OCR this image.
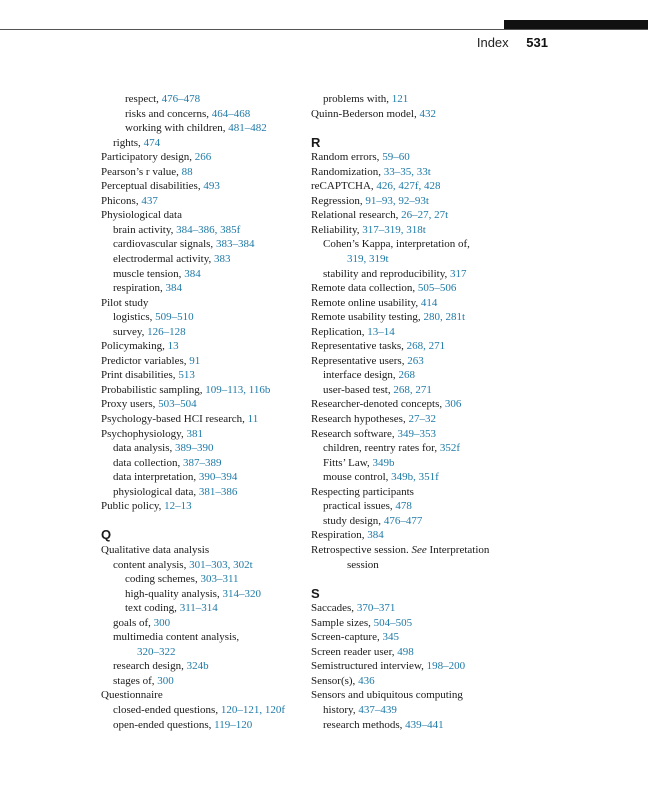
Index 531
respect, 476–478
risks and concerns, 464–468
working with children, 481–482
rights, 474
Participatory design, 266
Pearson’s r value, 88
Perceptual disabilities, 493
Phicons, 437
Physiological data
brain activity, 384–386, 385f
cardiovascular signals, 383–384
electrodermal activity, 383
muscle tension, 384
respiration, 384
Pilot study
logistics, 509–510
survey, 126–128
Policymaking, 13
Predictor variables, 91
Print disabilities, 513
Probabilistic sampling, 109–113, 116b
Proxy users, 503–504
Psychology-based HCI research, 11
Psychophysiology, 381
data analysis, 389–390
data collection, 387–389
data interpretation, 390–394
physiological data, 381–386
Public policy, 12–13
Q
Qualitative data analysis
content analysis, 301–303, 302t
coding schemes, 303–311
high-quality analysis, 314–320
text coding, 311–314
goals of, 300
multimedia content analysis,
320–322
research design, 324b
stages of, 300
Questionnaire
closed-ended questions, 120–121, 120f
open-ended questions, 119–120
problems with, 121
Quinn-Bederson model, 432
R
Random errors, 59–60
Randomization, 33–35, 33t
reCAPTCHA, 426, 427f, 428
Regression, 91–93, 92–93t
Relational research, 26–27, 27t
Reliability, 317–319, 318t
Cohen’s Kappa, interpretation of,
319, 319t
stability and reproducibility, 317
Remote data collection, 505–506
Remote online usability, 414
Remote usability testing, 280, 281t
Replication, 13–14
Representative tasks, 268, 271
Representative users, 263
interface design, 268
user-based test, 268, 271
Researcher-denoted concepts, 306
Research hypotheses, 27–32
Research software, 349–353
children, reentry rates for, 352f
Fitts’ Law, 349b
mouse control, 349b, 351f
Respecting participants
practical issues, 478
study design, 476–477
Respiration, 384
Retrospective session. See Interpretation
session
S
Saccades, 370–371
Sample sizes, 504–505
Screen-capture, 345
Screen reader user, 498
Semistructured interview, 198–200
Sensor(s), 436
Sensors and ubiquitous computing
history, 437–439
research methods, 439–441
